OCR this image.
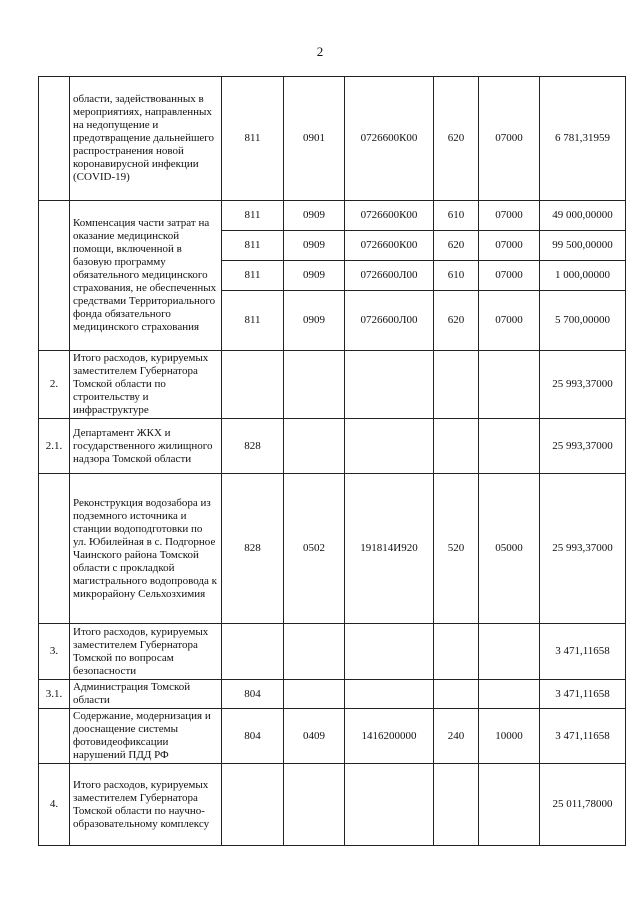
2
	области, задействованных в мероприятиях, направленных на недопущение и предотвращение дальнейшего распространения новой коронавирусной инфекции (COVID-19)	811	0901	0726600К00	620	07000	6 781,31959
	Компенсация части затрат на оказание медицинской помощи, включенной в базовую программу обязательного медицинского страхования, не обеспеченных средствами Территориального фонда обязательного медицинского страхования	811	0909	0726600К00	610	07000	49 000,00000
		811	0909	0726600К00	620	07000	99 500,00000
		811	0909	0726600Л00	610	07000	1 000,00000
		811	0909	0726600Л00	620	07000	5 700,00000
2.	Итого расходов, курируемых заместителем Губернатора Томской области по строительству и инфраструктуре						25 993,37000
2.1.	Департамент ЖКХ и государственного жилищного надзора Томской области	828					25 993,37000
	Реконструкция водозабора из подземного источника и станции водоподготовки по ул. Юбилейная в с. Подгорное Чаинского района Томской области с прокладкой магистрального водопровода к микрорайону Сельхозхимия	828	0502	191814И920	520	05000	25 993,37000
3.	Итого расходов, курируемых заместителем Губернатора Томской по вопросам безопасности						3 471,11658
3.1.	Администрация Томской области	804					3 471,11658
	Содержание, модернизация и дооснащение системы фотовидеофиксации нарушений ПДД РФ	804	0409	1416200000	240	10000	3 471,11658
4.	Итого расходов, курируемых заместителем Губернатора Томской области по научно-образовательному комплексу						25 011,78000
